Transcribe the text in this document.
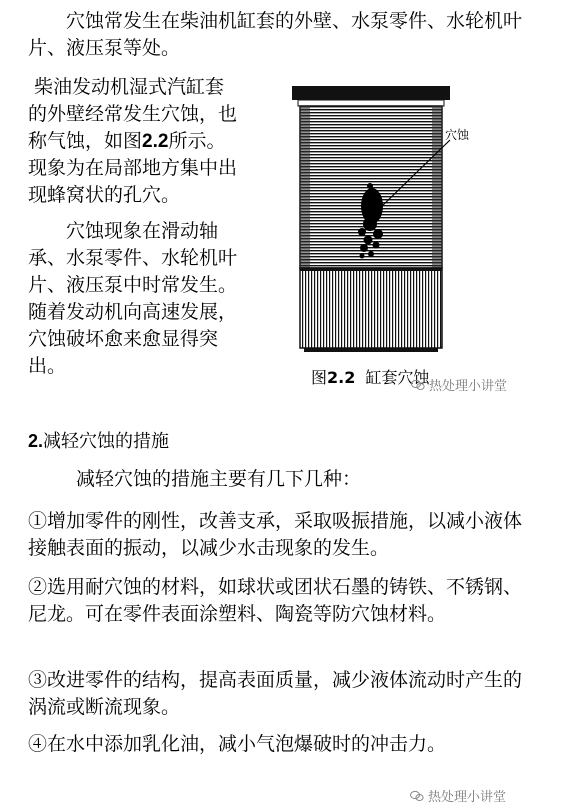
穴蚀常发生在柴油机缸套的外壁、水泵零件、水轮机叶片、液压泵等处。

柴油发动机湿式汽缸套的外壁经常发生穴蚀，也称气蚀，如图2.2所示。现象为在局部地方集中出现蜂窝状的孔穴。

穴蚀现象在滑动轴承、水泵零件、水轮机叶片、液压泵中时常发生。随着发动机向高速发展，穴蚀破坏愈来愈显得突出。

穴蚀
图2.2 缸套穴蚀 热处理小讲堂
2.减轻穴蚀的措施
减轻穴蚀的措施主要有几下几种：
①增加零件的刚性，改善支承，采取吸振措施，以减小液体接触表面的振动，以减少水击现象的发生。
②选用耐穴蚀的材料，如球状或团状石墨的铸铁、不锈钢、尼龙。可在零件表面涂塑料、陶瓷等防穴蚀材料。
③改进零件的结构，提高表面质量，减少液体流动时产生的涡流或断流现象。
④在水中添加乳化油，减小气泡爆破时的冲击力。
热处理小讲堂
